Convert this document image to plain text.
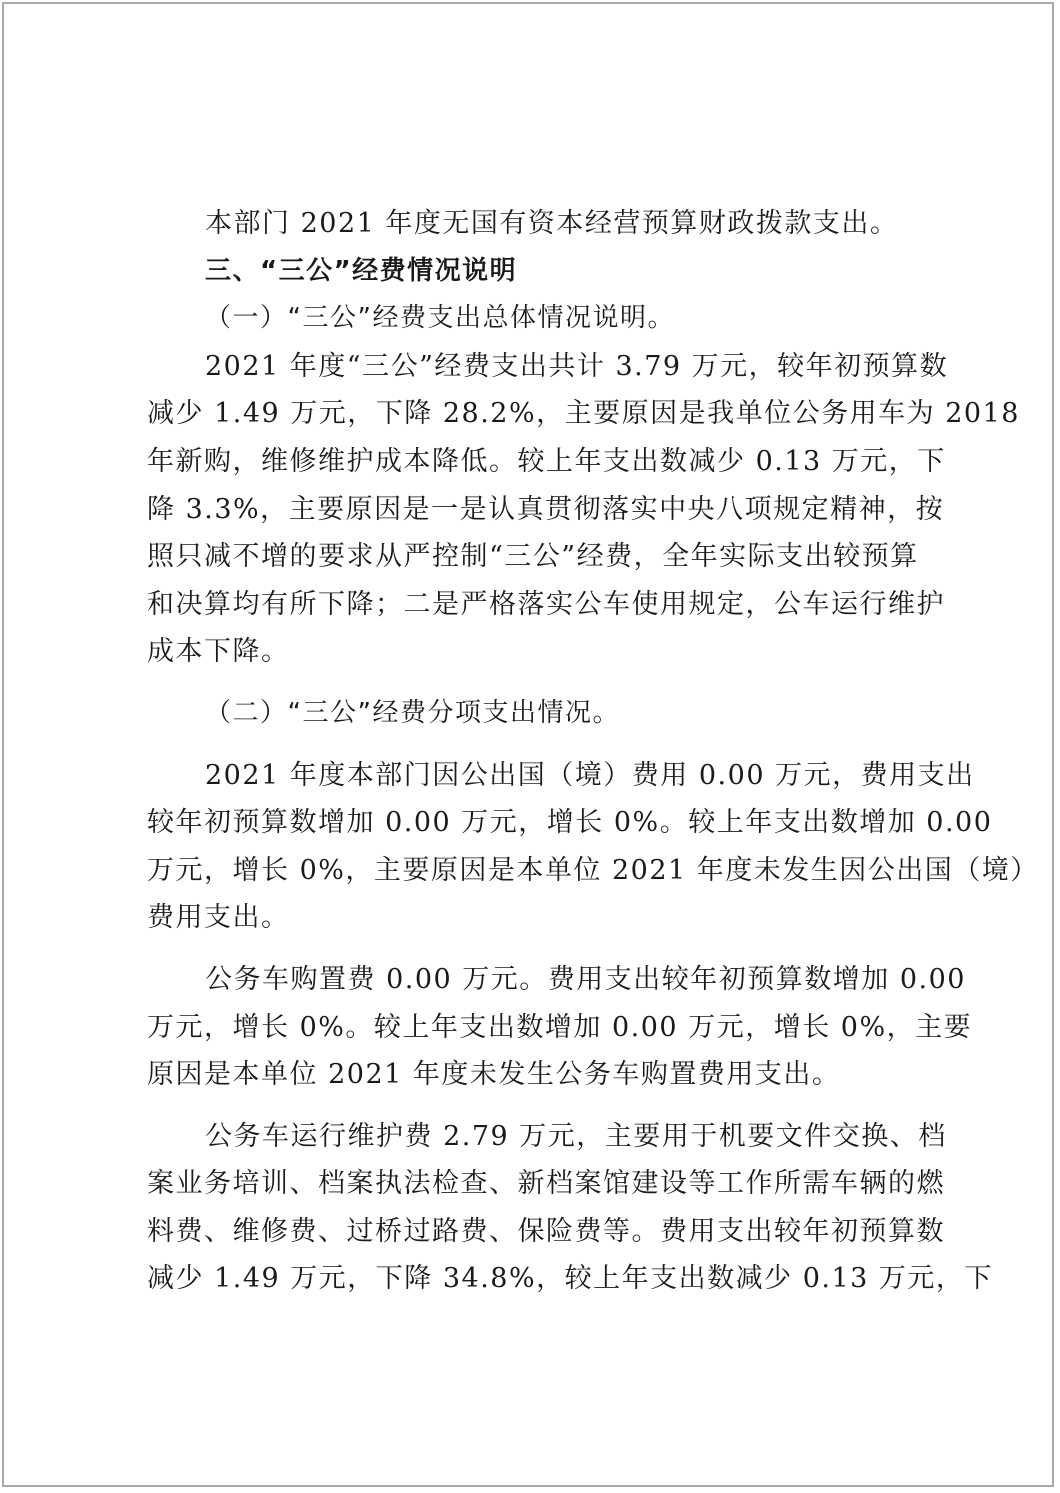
本部门 2021 年度无国有资本经营预算财政拨款支出。
三、“三公”经费情况说明
（一）“三公”经费支出总体情况说明。
2021 年度“三公”经费支出共计 3.79 万元，较年初预算数
减少 1.49 万元，下降 28.2%，主要原因是我单位公务用车为 2018
年新购，维修维护成本降低。较上年支出数减少 0.13 万元，下
降 3.3%，主要原因是一是认真贯彻落实中央八项规定精神，按
照只减不增的要求从严控制“三公”经费，全年实际支出较预算
和决算均有所下降；二是严格落实公车使用规定，公车运行维护
成本下降。
（二）“三公”经费分项支出情况。
2021 年度本部门因公出国（境）费用 0.00 万元，费用支出
较年初预算数增加 0.00 万元，增长 0%。较上年支出数增加 0.00
万元，增长 0%，主要原因是本单位 2021 年度未发生因公出国（境）
费用支出。
公务车购置费 0.00 万元。费用支出较年初预算数增加 0.00
万元，增长 0%。较上年支出数增加 0.00 万元，增长 0%，主要
原因是本单位 2021 年度未发生公务车购置费用支出。
公务车运行维护费 2.79 万元，主要用于机要文件交换、档
案业务培训、档案执法检查、新档案馆建设等工作所需车辆的燃
料费、维修费、过桥过路费、保险费等。费用支出较年初预算数
减少 1.49 万元，下降 34.8%，较上年支出数减少 0.13 万元，下
